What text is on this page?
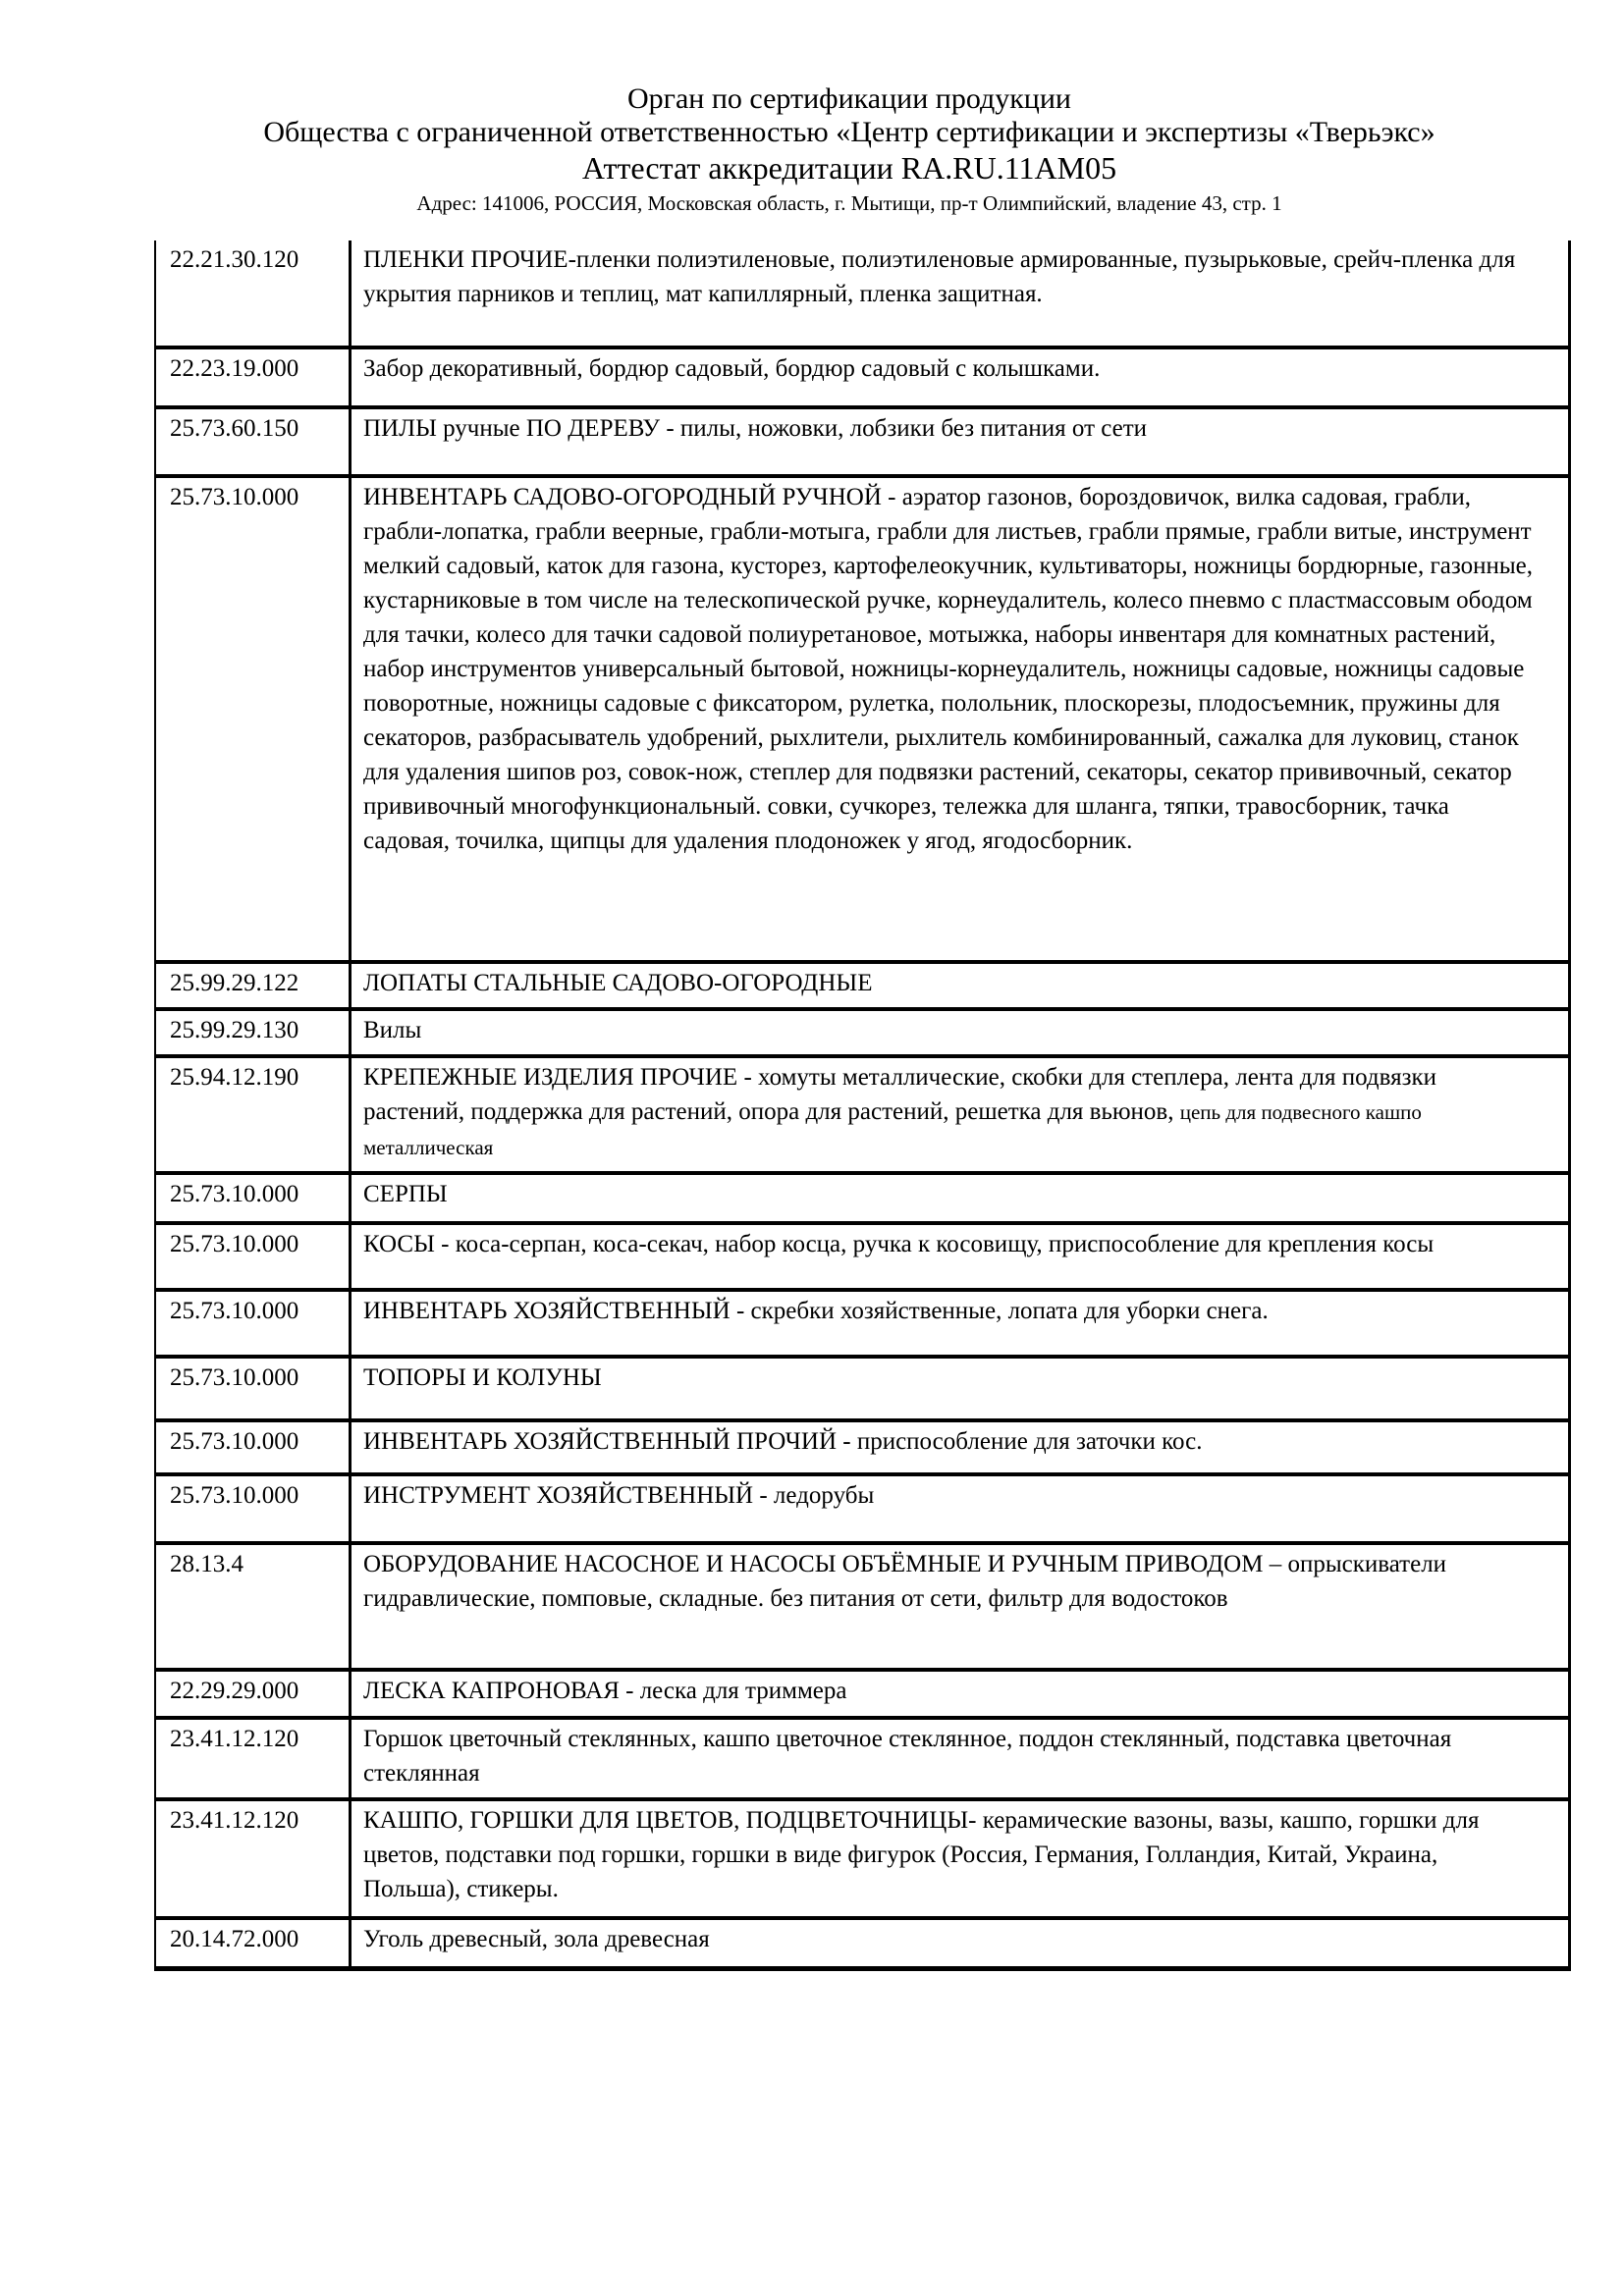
Орган по сертификации продукции
Общества с ограниченной ответственностью «Центр сертификации и экспертизы «Тверьэкс»
Аттестат аккредитации RA.RU.11АМ05
Адрес: 141006, РОССИЯ, Московская область, г. Мытищи, пр-т Олимпийский, владение 43, стр. 1
22.21.30.120	ПЛЕНКИ ПРОЧИЕ-пленки полиэтиленовые, полиэтиленовые армированные, пузырьковые, срейч-пленка для укрытия парников и теплиц, мат капиллярный, пленка защитная.
22.23.19.000	Забор декоративный, бордюр садовый, бордюр садовый с колышками.
25.73.60.150	ПИЛЫ ручные ПО ДЕРЕВУ - пилы, ножовки, лобзики без питания от сети
25.73.10.000	ИНВЕНТАРЬ САДОВО-ОГОРОДНЫЙ РУЧНОЙ - аэратор газонов, бороздовичок, вилка садовая, грабли, грабли-лопатка, грабли веерные, грабли-мотыга, грабли для листьев, грабли прямые, грабли витые, инструмент мелкий садовый, каток для газона, кусторез, картофелеокучник, культиваторы, ножницы бордюрные, газонные, кустарниковые в том числе на телескопической ручке, корнеудалитель, колесо пневмо с пластмассовым ободом для тачки, колесо для тачки садовой полиуретановое, мотыжка, наборы инвентаря для комнатных растений, набор инструментов универсальный бытовой, ножницы-корнеудалитель, ножницы садовые, ножницы садовые поворотные, ножницы садовые с фиксатором, рулетка, полольник, плоскорезы, плодосъемник, пружины для секаторов, разбрасыватель удобрений, рыхлители, рыхлитель комбинированный, сажалка для луковиц, станок для удаления шипов роз, совок-нож, степлер для подвязки растений, секаторы, секатор прививочный, секатор прививочный многофункциональный. совки, сучкорез, тележка для шланга, тяпки, травосборник, тачка садовая, точилка, щипцы для удаления плодоножек у ягод, ягодосборник.
25.99.29.122	ЛОПАТЫ СТАЛЬНЫЕ САДОВО-ОГОРОДНЫЕ
25.99.29.130	Вилы
25.94.12.190	КРЕПЕЖНЫЕ ИЗДЕЛИЯ ПРОЧИЕ - хомуты металлические, скобки для степлера, лента для подвязки растений, поддержка для растений, опора для растений, решетка для вьюнов, цепь для подвесного кашпо металлическая
25.73.10.000	СЕРПЫ
25.73.10.000	КОСЫ - коса-серпан, коса-секач, набор косца, ручка к косовищу, приспособление для крепления косы
25.73.10.000	ИНВЕНТАРЬ ХОЗЯЙСТВЕННЫЙ - скребки хозяйственные, лопата для уборки снега.
25.73.10.000	ТОПОРЫ И КОЛУНЫ
25.73.10.000	ИНВЕНТАРЬ ХОЗЯЙСТВЕННЫЙ ПРОЧИЙ - приспособление для заточки кос.
25.73.10.000	ИНСТРУМЕНТ ХОЗЯЙСТВЕННЫЙ - ледорубы
28.13.4	ОБОРУДОВАНИЕ НАСОСНОЕ И НАСОСЫ ОБЪЁМНЫЕ И РУЧНЫМ ПРИВОДОМ – опрыскиватели гидравлические, помповые, складные. без питания от сети, фильтр для водостоков
22.29.29.000	ЛЕСКА КАПРОНОВАЯ - леска для триммера
23.41.12.120	Горшок цветочный стеклянных, кашпо цветочное стеклянное, поддон стеклянный, подставка цветочная стеклянная
23.41.12.120	КАШПО, ГОРШКИ ДЛЯ ЦВЕТОВ, ПОДЦВЕТОЧНИЦЫ- керамические вазоны, вазы, кашпо, горшки для цветов, подставки под горшки, горшки в виде фигурок (Россия, Германия, Голландия, Китай, Украина, Польша), стикеры.
20.14.72.000	Уголь древесный, зола древесная
